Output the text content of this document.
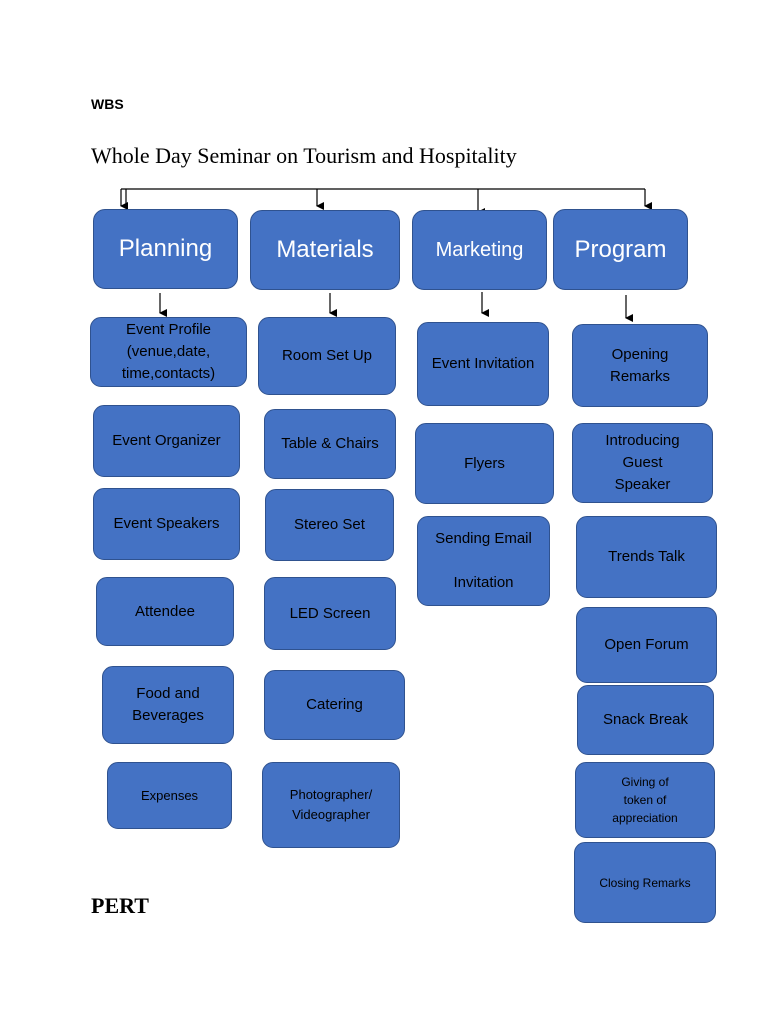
WBS
Whole Day Seminar on Tourism and Hospitality
Planning	Materials	Marketing	Program
Event Profile
(venue,date,
time,contacts)
Event Organizer
Event Speakers
Attendee
Food and
Beverages
Expenses
Room Set Up
Table & Chairs
Stereo Set
LED Screen
Catering
Photographer/
Videographer
Event Invitation
Flyers
Sending Email

Invitation
Opening
Remarks
Introducing
Guest
Speaker
Trends Talk
Open Forum
Snack Break
Giving of
token of
appreciation
Closing Remarks
PERT
